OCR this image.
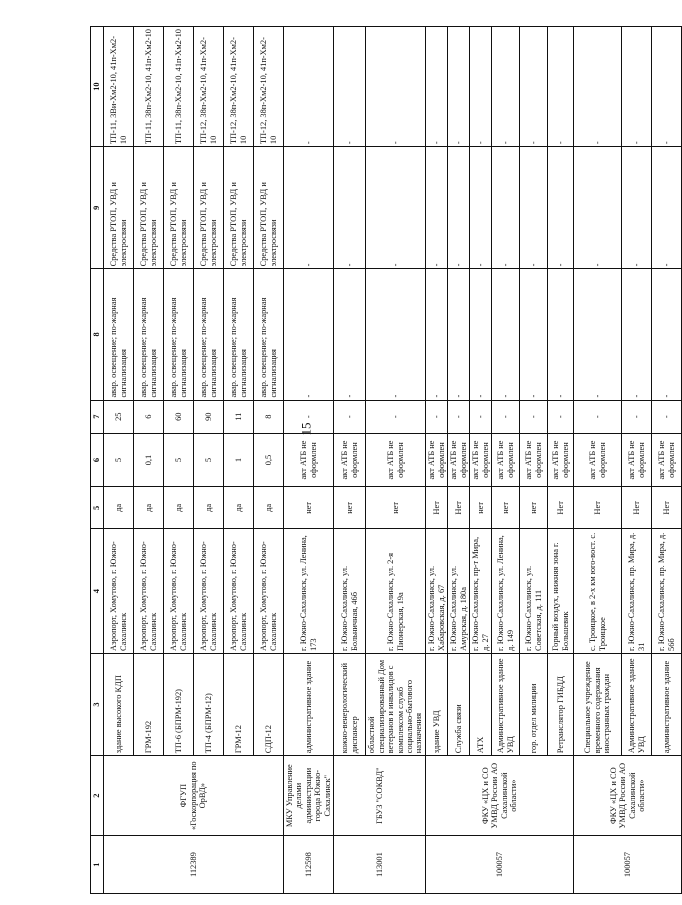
15
1	2	3	4	5	6	7	8	9	10
112389	ФГУП «Госкорпорация по ОрВД»	здание высокого КДП	Аэропорт, Хомутово, г. Южно-Сахалинск	да	5	25	авар. освещение; по-жарная сигнализация	Средства РТОП, УВД и электросвязи	ТП-11, 3Ви-Хм2-10, 41п-Хм2-10
		ГРМ-192	Аэропорт, Хомутово, г. Южно-Сахалинск	да	0,1	6	авар. освещение; по-жарная сигнализация	Средства РТОП, УВД и электросвязи	ТП-11, 38п-Хм2-10, 41п-Хм2-10
		ТП-6 (БПРМ-192)	Аэропорт, Хомутово, г. Южно-Сахалинск	да	5	60	авар. освещение; по-жарная сигнализация	Средства РТОП, УВД и электросвязи	ТП-11, 38п-Хм2-10, 41п-Хм2-10
		ТП-4 (БПРМ-12)	Аэропорт, Хомутово, г. Южно-Сахалинск	да	5	90	авар. освещение; по-жарная сигнализация	Средства РТОП, УВД и электросвязи	ТП-12, 38п-Хм2-10, 41п-Хм2-10
		ГРМ-12	Аэропорт, Хомутово, г. Южно-Сахалинск	да	1	11	авар. освещение; по-жарная сигнализация	Средства РТОП, УВД и электросвязи	ТП-12, 38п-Хм2-10, 41п-Хм2-10
		СДП-12	Аэропорт, Хомутово, г. Южно-Сахалинск	да	0,5	8	авар. освещение; по-жарная сигнализация	Средства РТОП, УВД и электросвязи	ТП-12, 38п-Хм2-10, 41п-Хм2-10
112598	МКУ Управление делами администрации города Южно-Сахалинск"	административное здание	г. Южно-Сахалинск, ул. Ленина, 173	нет	акт АТБ не оформлен	-	-	-	-
113001	ГБУЗ "СОКВД"	кожно-венерологический диспансер	г. Южно-Сахалинск, ул. Больничная, 46б	нет	акт АТБ не оформлен	-	-	-	-
		областной специализированный Дом ветеранов и инвалидов с комплексом служб социально-бытового назначения	г. Южно-Сахалинск, ул. 2-я Пионерская, 19а	нет	акт АТБ не оформлен	-	-	-	-
100057	ФКУ «ЦХ и СО УМВД России АО Сахалинской области»	здание УВД	г. Южно-Сахалинск, ул. Хабаровская, д. 67	Нет	акт АТБ не оформлен	-	-	-	-
		Служба связи	г. Южно-Сахалинск, ул. Амурская, д. 180а	Нет	акт АТБ не оформлен	-	-	-	-
		АТХ	г. Южно-Сахалинск, пр-т Мира, д. 27	нет	акт АТБ не оформлен	-	-	-	-
		Административное здание УВД	г. Южно-Сахалинск, ул. Ленина, д. 149	нет	акт АТБ не оформлен	-	-	-	-
		гор. отдел милиции	г. Южно-Сахалинск, ул. Советская, д. 111	нет	акт АТБ не оформлен	-	-	-	-
		Ретранслятор ГИБДД	Горный воздух, нижняя зона г. Большевик	Нет	акт АТБ не оформлен	-	-	-	-
100057	ФКУ «ЦХ и СО УМВД России АО Сахалинской области»	Специальное учреждение временного содержания иностранных граждан	с. Троицкое, в 2-х км юго-вост. с. Троицкое	Нет	акт АТБ не оформлен	-	-	-	-
		Административное здание УВД	г. Южно-Сахалинск, пр. Мира, д. 31	Нет	акт АТБ не оформлен	-	-	-	-
		административное здание	г. Южно-Сахалинск, пр. Мира, д. 56б	Нет	акт АТБ не оформлен	-	-	-	-
